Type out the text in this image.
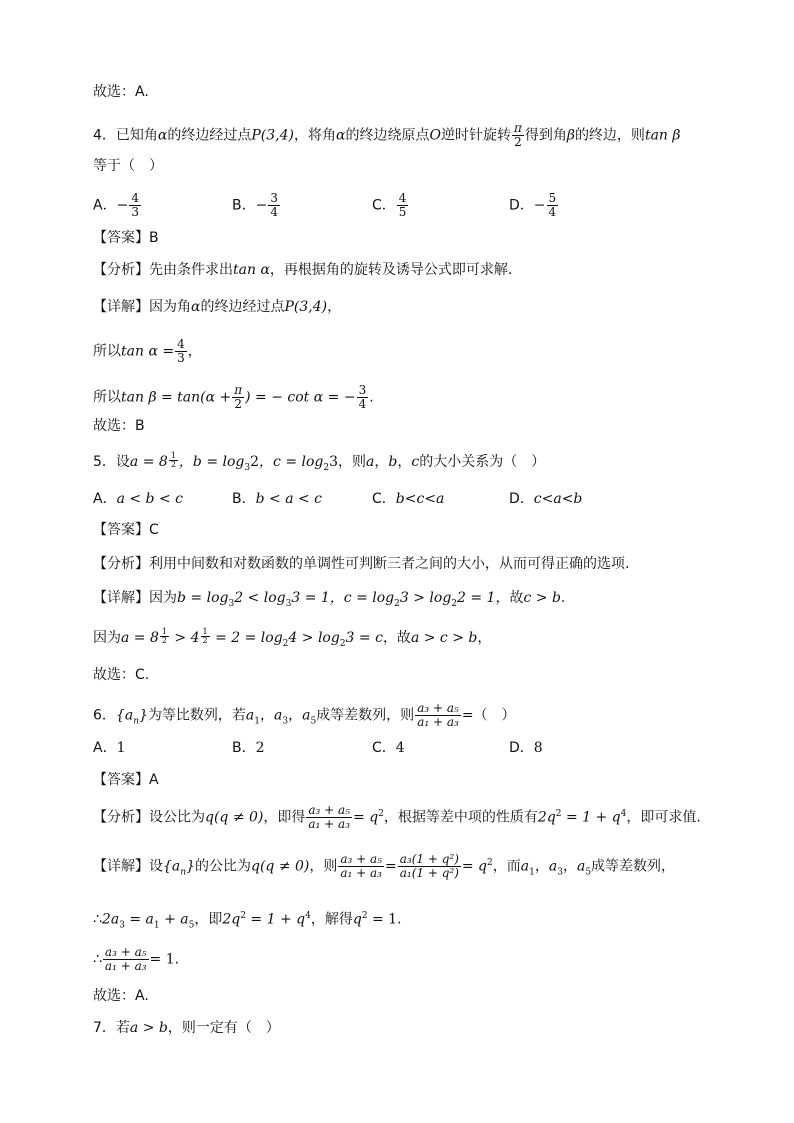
故选：A.
4．已知角α的终边经过点P(3,4)，将角α的终边绕原点O逆时针旋转 $\frac{\pi}{2}$ 得到角β的终边，则tan β
等于（　）
A．− $\frac{4}{3}$	B．− $\frac{3}{4}$	C． $\frac{4}{5}$	D．− $\frac{5}{4}$
【答案】B
【分析】先由条件求出tan α，再根据角的旋转及诱导公式即可求解.
【详解】因为角α的终边经过点P(3,4)，
所以$\tan \alpha = \frac{4}{3}$ ，
所以$\tan \beta = \tan(\alpha + \frac{\pi}{2}$ ) = − cot α = − $\frac{3}{4}$ .
故选：B
5．设a = 8 $^{\frac{1}{2}}$ ，$b = \log_32$，$c = \log_23$，则a，b，c的大小关系为（　）
A．a < b < c	B．b < a < c	C．b<c<a	D．c<a<b
【答案】C
【分析】利用中间数和对数函数的单调性可判断三者之间的大小，从而可得正确的选项.
【详解】因为$b = \log_32 < \log_33 = 1$，$c = \log_23 > \log_22 = 1$，故c > b.
因为a = 8 $^{\frac{1}{2}}$ > 4 $^{\frac{1}{2}} = 2 = \log_24 > \log_23 = c$，故a > c > b，
故选：C.
6．$\{a_n\}$为等比数列，若$a_1$，$a_3$，$a_5$成等差数列，则 $\frac{\text{a₃ + a₅}}{\text{a₁ + a₃}}$ =（　）
A．1	B．2	C．4	D．8
【答案】A
【分析】设公比为q(q ≠ 0)，即得 $\frac{\text{a₃ + a₅}}{\text{a₁ + a₃}} = q^2$，根据等差中项的性质有$2q^2 = 1 + q^4$，即可求值.
【详解】设$\{a_n\}$的公比为q(q ≠ 0)，则 $\frac{\text{a₃ + a₅}}{\text{a₁ + a₃}} = \frac{\text{a₃(1 + q²)}}{\text{a₁(1 + q²)}} = q^2$，而$a_1$，$a_3$，$a_5$成等差数列，
$\therefore 2a_3 = a_1 + a_5$，即$2q^2 = 1 + q^4$，解得$q^2 = 1$.
∴ $\frac{\text{a₃ + a₅}}{\text{a₁ + a₃}} = 1$.
故选：A.
7．若a > b，则一定有（　）
